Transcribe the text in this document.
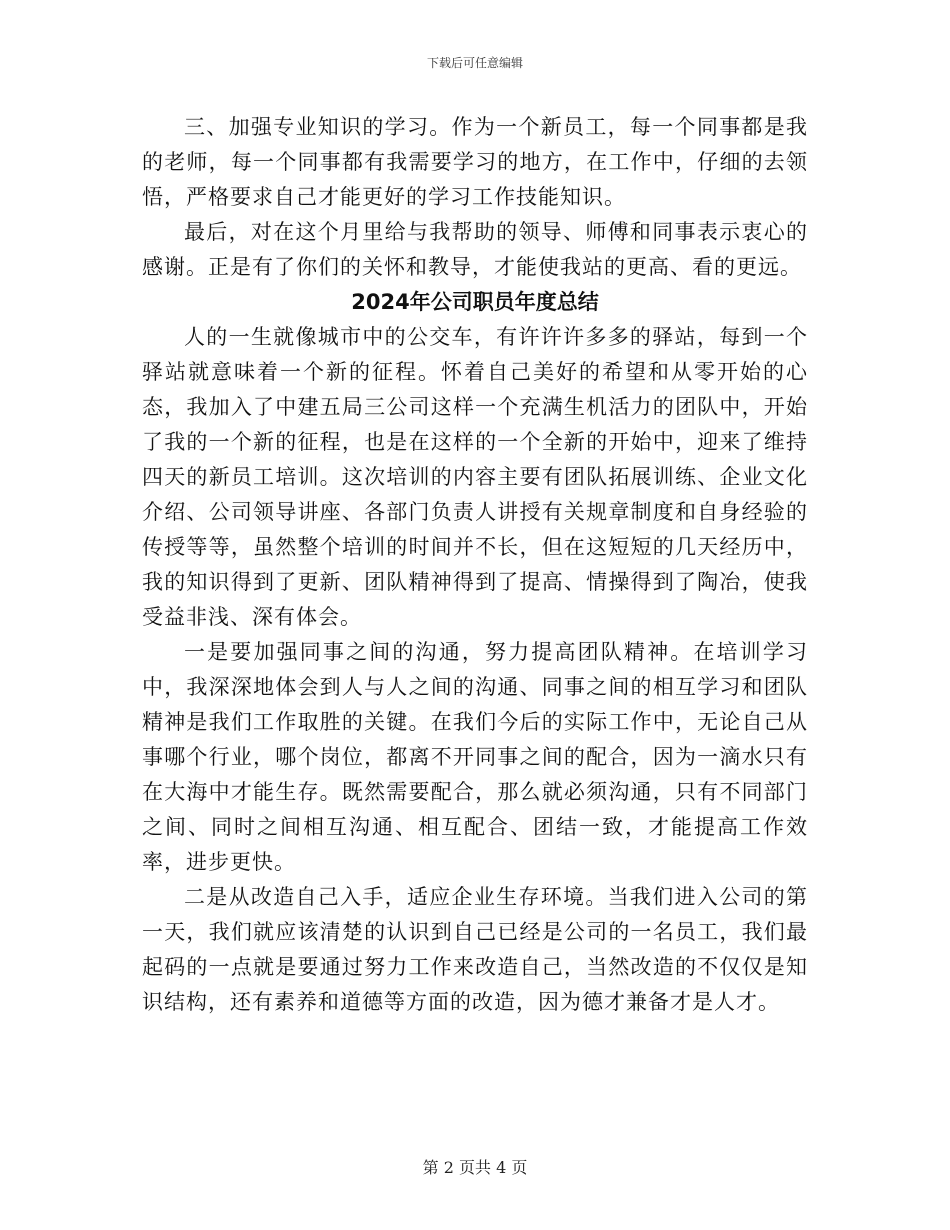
下载后可任意编辑

三、加强专业知识的学习。作为一个新员工，每一个同事都是我的老师，每一个同事都有我需要学习的地方，在工作中，仔细的去领悟，严格要求自己才能更好的学习工作技能知识。

最后，对在这个月里给与我帮助的领导、师傅和同事表示衷心的感谢。正是有了你们的关怀和教导，才能使我站的更高、看的更远。

2024年公司职员年度总结

人的一生就像城市中的公交车，有许许许多多的驿站，每到一个驿站就意味着一个新的征程。怀着自己美好的希望和从零开始的心态，我加入了中建五局三公司这样一个充满生机活力的团队中，开始了我的一个新的征程，也是在这样的一个全新的开始中，迎来了维持四天的新员工培训。这次培训的内容主要有团队拓展训练、企业文化介绍、公司领导讲座、各部门负责人讲授有关规章制度和自身经验的传授等等，虽然整个培训的时间并不长，但在这短短的几天经历中，我的知识得到了更新、团队精神得到了提高、情操得到了陶冶，使我受益非浅、深有体会。

一是要加强同事之间的沟通，努力提高团队精神。在培训学习中，我深深地体会到人与人之间的沟通、同事之间的相互学习和团队精神是我们工作取胜的关键。在我们今后的实际工作中，无论自己从事哪个行业，哪个岗位，都离不开同事之间的配合，因为一滴水只有在大海中才能生存。既然需要配合，那么就必须沟通，只有不同部门之间、同时之间相互沟通、相互配合、团结一致，才能提高工作效率，进步更快。

二是从改造自己入手，适应企业生存环境。当我们进入公司的第一天，我们就应该清楚的认识到自己已经是公司的一名员工，我们最起码的一点就是要通过努力工作来改造自己，当然改造的不仅仅是知识结构，还有素养和道德等方面的改造，因为德才兼备才是人才。

第 2 页共 4 页
